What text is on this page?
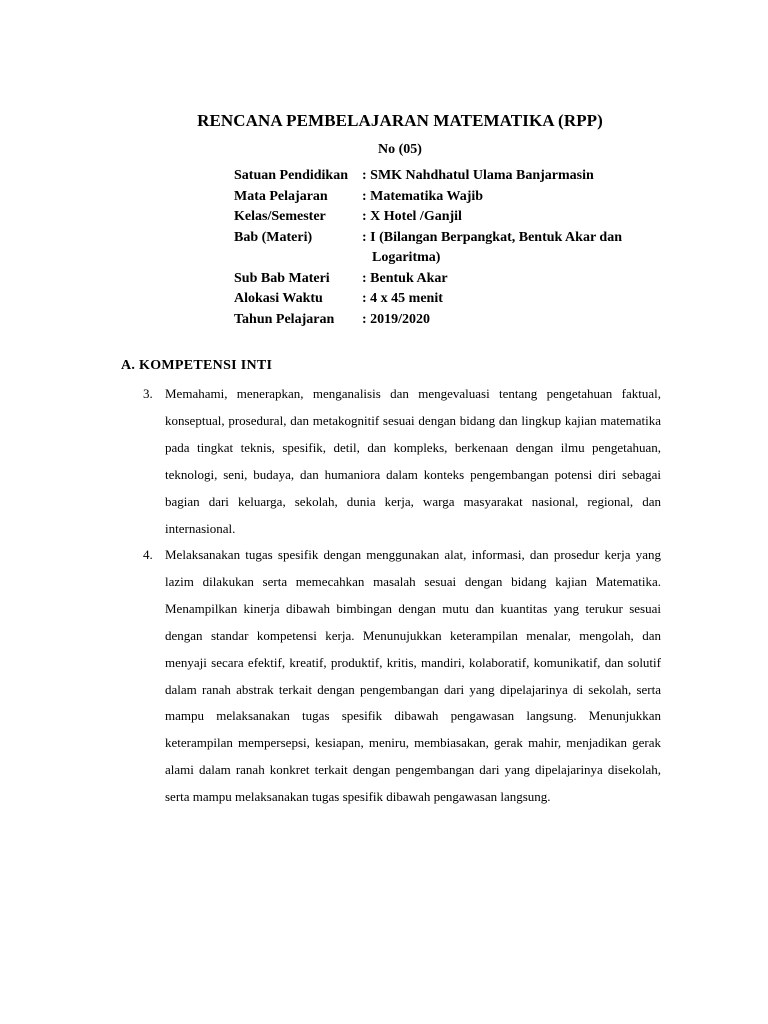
RENCANA PEMBELAJARAN MATEMATIKA (RPP)
No (05)
Satuan Pendidikan	: SMK Nahdhatul Ulama Banjarmasin
Mata Pelajaran	: Matematika Wajib
Kelas/Semester	: X Hotel /Ganjil
Bab (Materi)	: I (Bilangan Berpangkat, Bentuk Akar dan Logaritma)
Sub Bab Materi	: Bentuk Akar
Alokasi Waktu	: 4 x 45 menit
Tahun Pelajaran	: 2019/2020
A. KOMPETENSI INTI
3. Memahami, menerapkan, menganalisis dan mengevaluasi tentang pengetahuan faktual, konseptual, prosedural, dan metakognitif sesuai dengan bidang dan lingkup kajian matematika pada tingkat teknis, spesifik, detil, dan kompleks, berkenaan dengan ilmu pengetahuan, teknologi, seni, budaya, dan humaniora dalam konteks pengembangan potensi diri sebagai bagian dari keluarga, sekolah, dunia kerja, warga masyarakat nasional, regional, dan internasional.
4. Melaksanakan tugas spesifik dengan menggunakan alat, informasi, dan prosedur kerja yang lazim dilakukan serta memecahkan masalah sesuai dengan bidang kajian Matematika. Menampilkan kinerja dibawah bimbingan dengan mutu dan kuantitas yang terukur sesuai dengan standar kompetensi kerja. Menunujukkan keterampilan menalar, mengolah, dan menyaji secara efektif, kreatif, produktif, kritis, mandiri, kolaboratif, komunikatif, dan solutif dalam ranah abstrak terkait dengan pengembangan dari yang dipelajarinya di sekolah, serta mampu melaksanakan tugas spesifik dibawah pengawasan langsung. Menunjukkan keterampilan mempersepsi, kesiapan, meniru, membiasakan, gerak mahir, menjadikan gerak alami dalam ranah konkret terkait dengan pengembangan dari yang dipelajarinya disekolah, serta mampu melaksanakan tugas spesifik dibawah pengawasan langsung.
